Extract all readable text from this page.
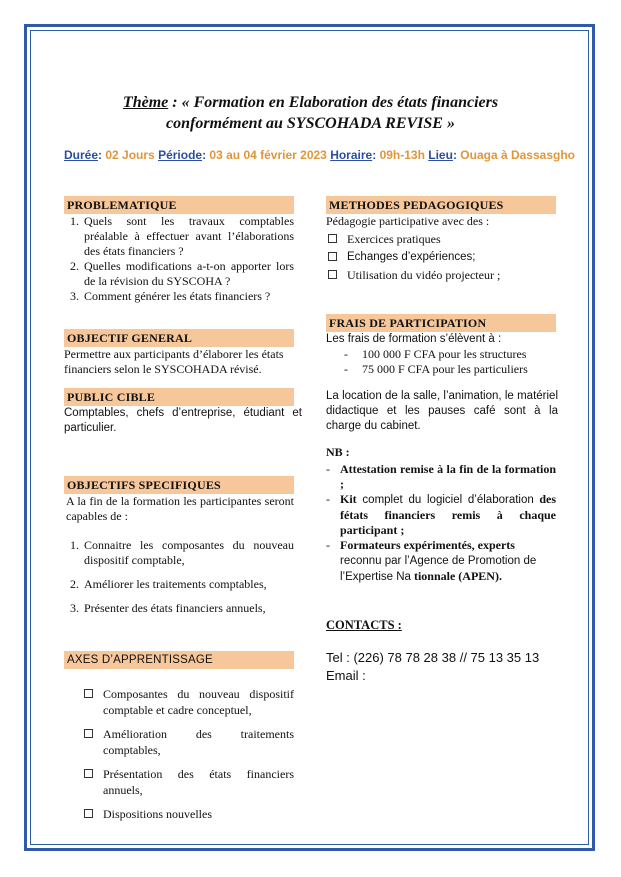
Thème : « Formation en Elaboration des états financiers
conformément au SYSCOHADA REVISE »
Durée: 02 Jours Période: 03 au 04 février 2023 Horaire: 09h-13h Lieu: Ouaga à Dassasgho
PROBLEMATIQUE
1. Quels sont les travaux comptables préalable à effectuer avant l’élaborations des états financiers ?
2. Quelles modifications a-t-on apporter lors de la révision du SYSCOHA ?
3. Comment générer les états financiers ?
OBJECTIF GENERAL
Permettre aux participants d’élaborer les états financiers selon le SYSCOHADA révisé.
PUBLIC CIBLE
Comptables, chefs d’entreprise, étudiant et particulier.
OBJECTIFS SPECIFIQUES
A la fin de la formation les participantes seront capables de :
1. Connaitre les composantes du nouveau dispositif comptable,
2. Améliorer les traitements comptables,
3. Présenter des états financiers annuels,
AXES D’APPRENTISSAGE
Composantes du nouveau dispositif comptable et cadre conceptuel,
Amélioration des traitements comptables,
Présentation des états financiers annuels,
Dispositions nouvelles
METHODES PEDAGOGIQUES
Pédagogie participative avec des :
Exercices pratiques
Echanges d’expériences;
Utilisation du vidéo projecteur ;
FRAIS DE PARTICIPATION
Les frais de formation s’élèvent à :
-	100 000 F CFA pour les structures
-	75 000 F CFA pour les particuliers
La location de la salle, l’animation, le matériel didactique et les pauses café sont à la charge du cabinet.
NB :
- Attestation remise à la fin de la formation ;
- Kit complet du logiciel d’élaboration des fétats financiers remis à chaque participant ;
- Formateurs expérimentés, experts reconnu par l’Agence de Promotion de l’Expertise Na tionnale (APEN).
CONTACTS :
Tel : (226) 78 78 28 38 // 75 13 35 13
Email :
